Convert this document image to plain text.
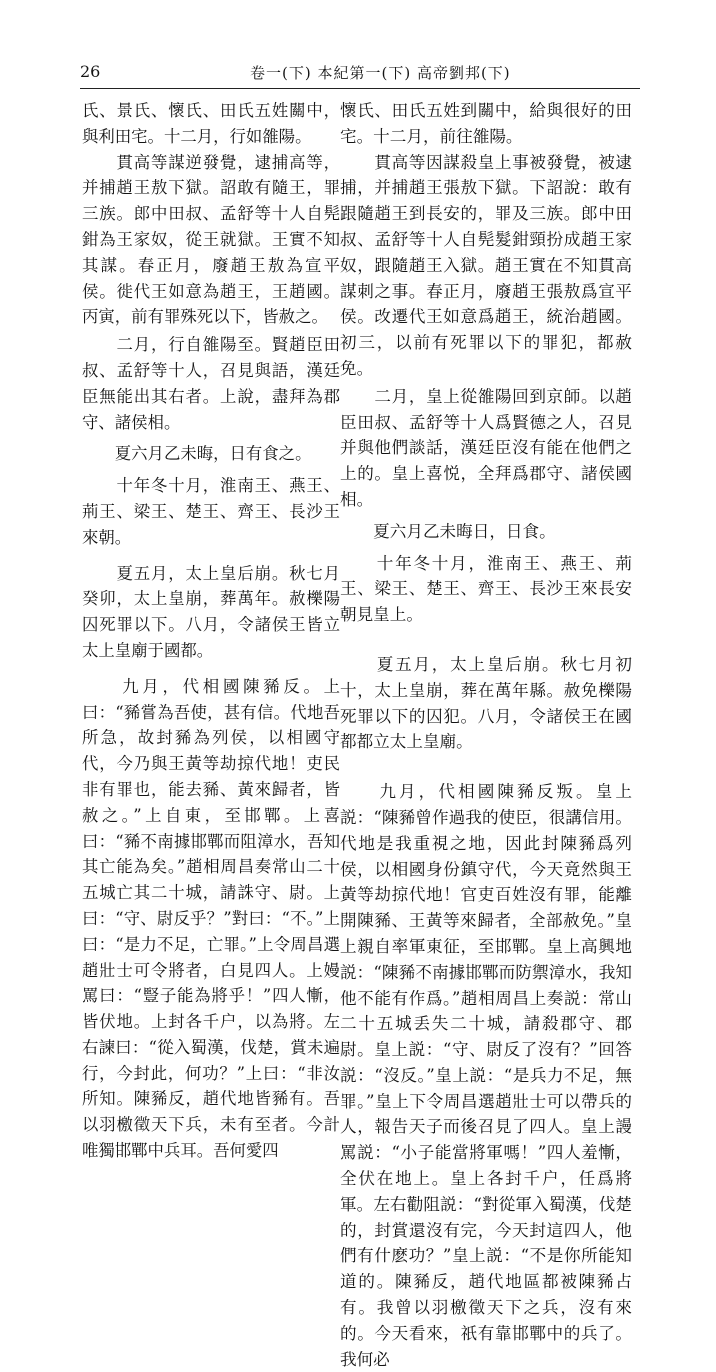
26	卷一(下) 本紀第一(下) 高帝劉邦(下)

氏、景氏、懷氏、田氏五姓關中，與利田宅。十二月，行如雒陽。

　　貫高等謀逆發覺，逮捕高等，并捕趙王敖下獄。詔敢有隨王，罪三族。郎中田叔、孟舒等十人自髡鉗為王家奴，從王就獄。王實不知其謀。春正月，廢趙王敖為宣平侯。徙代王如意為趙王，王趙國。丙寅，前有罪殊死以下，皆赦之。

　　二月，行自雒陽至。賢趙臣田叔、孟舒等十人，召見與語，漢廷臣無能出其右者。上說，盡拜為郡守、諸侯相。

　　夏六月乙未晦，日有食之。

　　十年冬十月，淮南王、燕王、荊王、梁王、楚王、齊王、長沙王來朝。

　　夏五月，太上皇后崩。秋七月癸卯，太上皇崩，葬萬年。赦櫟陽囚死罪以下。八月，令諸侯王皆立太上皇廟于國都。

　　九月，代相國陳豨反。上曰：“豨嘗為吾使，甚有信。代地吾所急，故封豨為列侯，以相國守代，今乃與王黃等劫掠代地！吏民非有罪也，能去豨、黃來歸者，皆赦之。”上自東，至邯鄲。上喜曰：“豨不南據邯鄲而阻漳水，吾知其亡能為矣。”趙相周昌奏常山二十五城亡其二十城，請誅守、尉。上曰：“守、尉反乎？”對曰：“不。”上曰：“是力不足，亡罪。”上令周昌選趙壯士可令將者，白見四人。上嫚罵曰：“豎子能為將乎！”四人慚，皆伏地。上封各千户，以為將。左右諫曰：“從入蜀漢，伐楚，賞未遍行，今封此，何功？”上曰：“非汝所知。陳豨反，趙代地皆豨有。吾以羽檄徵天下兵，未有至者。今計唯獨邯鄲中兵耳。吾何愛四

懷氏、田氏五姓到關中，給與很好的田宅。十二月，前往雒陽。

　　貫高等因謀殺皇上事被發覺，被逮捕，并捕趙王張敖下獄。下詔說：敢有跟隨趙王到長安的，罪及三族。郎中田叔、孟舒等十人自髡髮鉗頸扮成趙王家奴，跟隨趙王入獄。趙王實在不知貫高謀刺之事。春正月，廢趙王張敖爲宣平侯。改遷代王如意爲趙王，統治趙國。初三，以前有死罪以下的罪犯，都赦免。

　　二月，皇上從雒陽回到京師。以趙臣田叔、孟舒等十人爲賢德之人，召見并與他們談話，漢廷臣沒有能在他們之上的。皇上喜悦，全拜爲郡守、諸侯國相。

　　夏六月乙未晦日，日食。

　　十年冬十月，淮南王、燕王、荊王、梁王、楚王、齊王、長沙王來長安朝見皇上。

　　夏五月，太上皇后崩。秋七月初十，太上皇崩，葬在萬年縣。赦免櫟陽死罪以下的囚犯。八月，令諸侯王在國都都立太上皇廟。

　　九月，代相國陳豨反叛。皇上説：“陳豨曾作過我的使臣，很講信用。代地是我重視之地，因此封陳豨爲列侯，以相國身份鎮守代，今天竟然與王黃等劫掠代地！官吏百姓沒有罪，能離開陳豨、王黃等來歸者，全部赦免。”皇上親自率軍東征，至邯鄲。皇上高興地説：“陳豨不南據邯鄲而防禦漳水，我知他不能有作爲。”趙相周昌上奏説：常山二十五城丢失二十城，請殺郡守、郡尉。皇上説：“守、尉反了沒有？”回答説：“沒反。”皇上説：“是兵力不足，無罪。”皇上下令周昌選趙壯士可以帶兵的人，報告天子而後召見了四人。皇上謾罵説：“小子能當將軍嗎！”四人羞慚，全伏在地上。皇上各封千户，任爲將軍。左右勸阻説：“對從軍入蜀漢，伐楚的，封賞還沒有完，今天封這四人，他們有什麽功？”皇上説：“不是你所能知道的。陳豨反，趙代地區都被陳豨占有。我曾以羽檄徵天下之兵，沒有來的。今天看來，祇有靠邯鄲中的兵了。我何必
